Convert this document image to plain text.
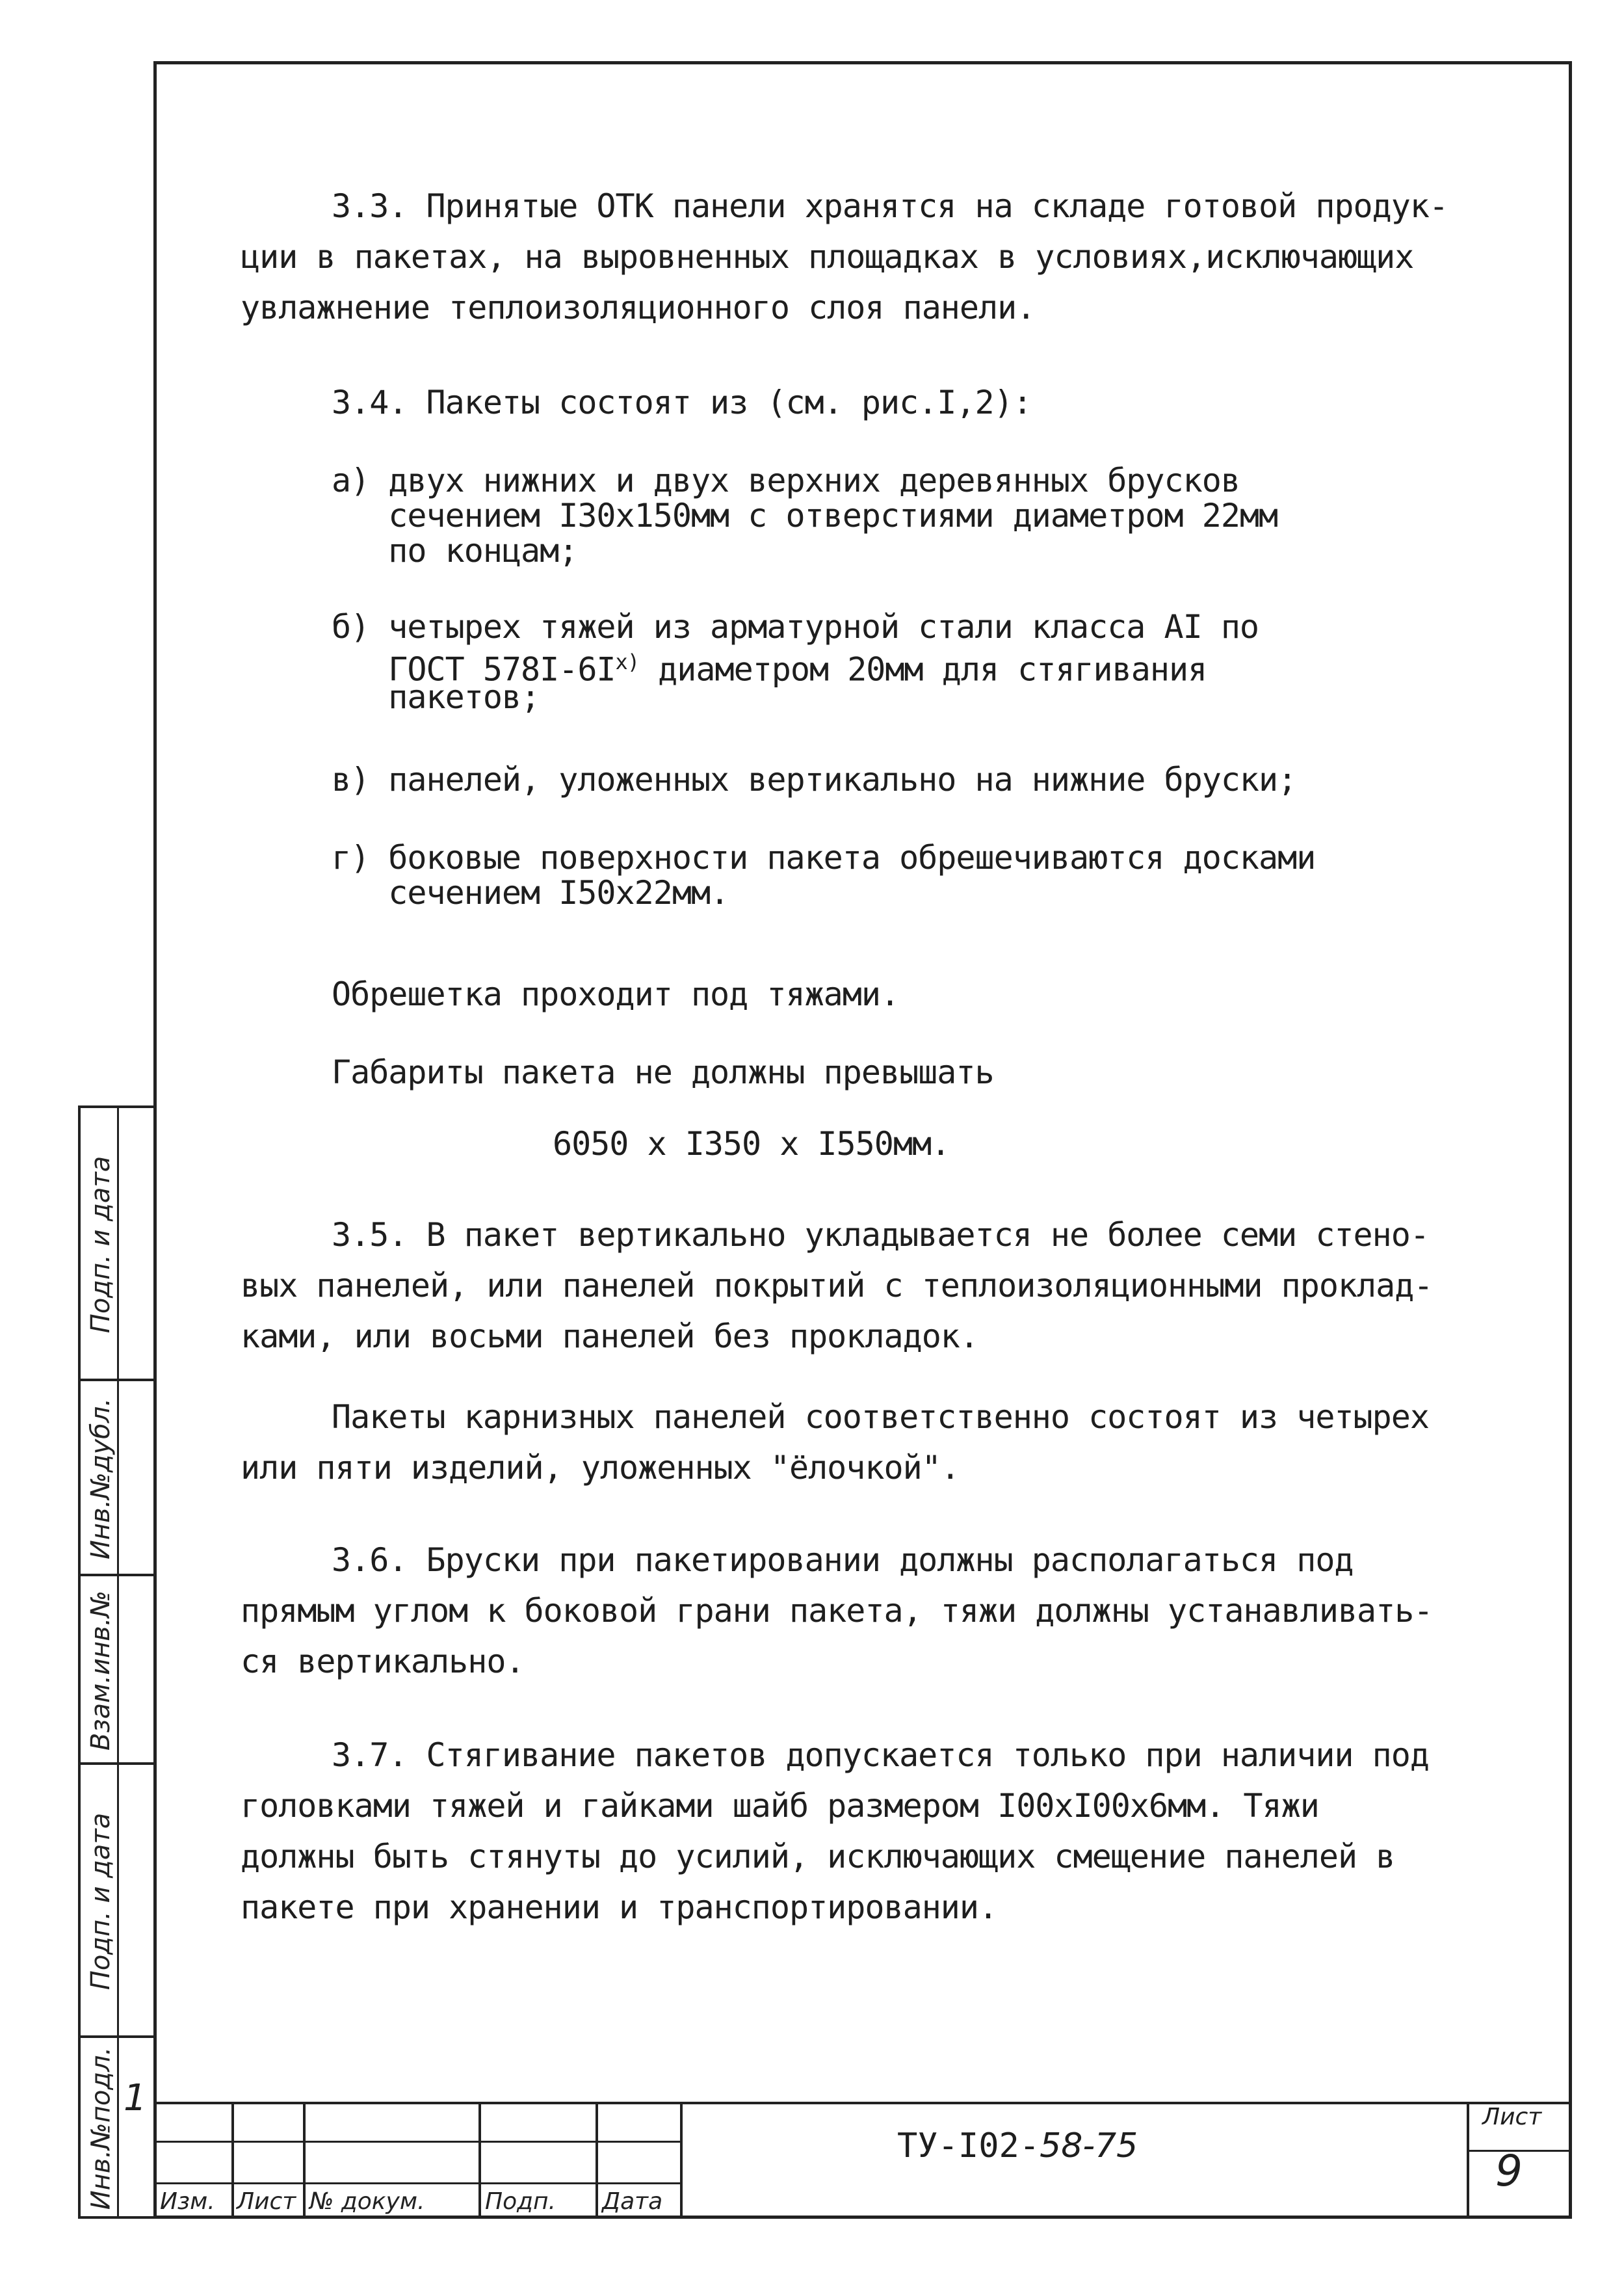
3.3. Принятые ОТК панели хранятся на складе готовой продук-
ции в пакетах, на выровненных площадках в условиях,исключающих
увлажнение теплоизоляционного слоя панели.
3.4. Пакеты состоят из (см. рис.I,2):
а) двух нижних и двух верхних деревянных брусков
сечением I30х150мм с отверстиями диаметром 22мм
по концам;
б) четырех тяжей из арматурной стали класса AI по
ГОСТ $578I-6I^{x)}$ диаметром 20мм для стягивания
пакетов;
в) панелей, уложенных вертикально на нижние бруски;
г) боковые поверхности пакета обрешечиваются досками
сечением I50х22мм.
Обрешетка проходит под тяжами.
Габариты пакета не должны превышать
6050 х I350 х I550мм.
3.5. В пакет вертикально укладывается не более семи стено-
вых панелей, или панелей покрытий с теплоизоляционными проклад-
ками, или восьми панелей без прокладок.
Пакеты карнизных панелей соответственно состоят из четырех
или пяти изделий, уложенных "ёлочкой".
3.6. Бруски при пакетировании должны располагаться под
прямым углом к боковой грани пакета, тяжи должны устанавливать-
ся вертикально.
3.7. Стягивание пакетов допускается только при наличии под
головками тяжей и гайками шайб размером I00хI00х6мм. Тяжи
должны быть стянуты до усилий, исключающих смещение панелей в
пакете при хранении и транспортировании.
Подп. и дата
Инв.№дубл.
Взам.инв.№
Подп. и дата
Инв.№подл. 1
Изм. Лист № докум.	Подп. Дата
ТУ-I02-58-75
Лист
9
